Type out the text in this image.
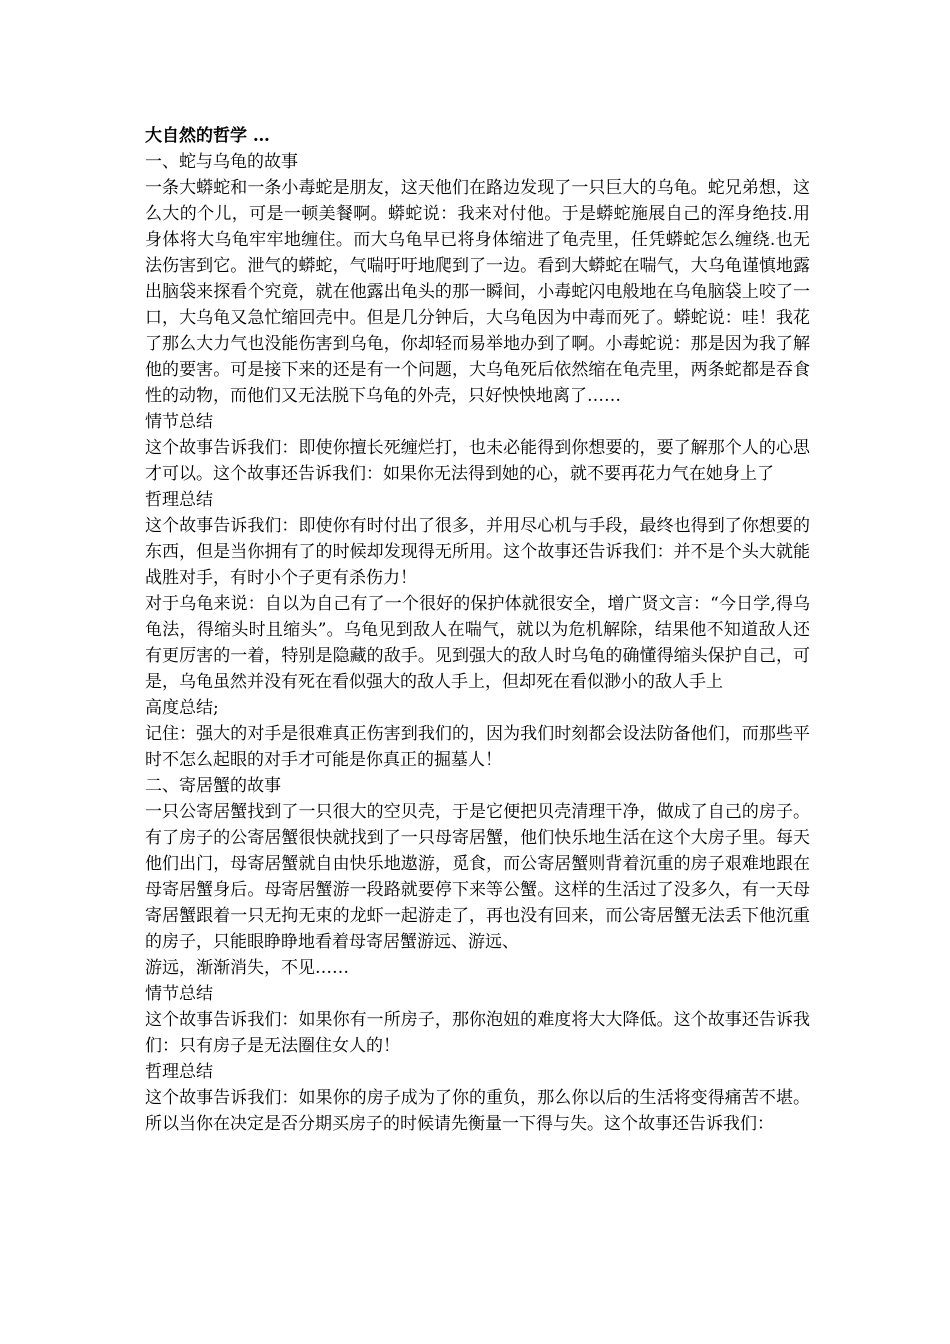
大自然的哲学 …
一、蛇与乌龟的故事
一条大蟒蛇和一条小毒蛇是朋友，这天他们在路边发现了一只巨大的乌龟。蛇兄弟想，这么大的个儿，可是一顿美餐啊。蟒蛇说：我来对付他。于是蟒蛇施展自己的浑身绝技.用身体将大乌龟牢牢地缠住。而大乌龟早已将身体缩进了龟壳里，任凭蟒蛇怎么缠绕.也无法伤害到它。泄气的蟒蛇，气喘吁吁地爬到了一边。看到大蟒蛇在喘气，大乌龟谨慎地露出脑袋来探看个究竟，就在他露出龟头的那一瞬间，小毒蛇闪电般地在乌龟脑袋上咬了一口，大乌龟又急忙缩回壳中。但是几分钟后，大乌龟因为中毒而死了。蟒蛇说：哇！我花了那么大力气也没能伤害到乌龟，你却轻而易举地办到了啊。小毒蛇说：那是因为我了解他的要害。可是接下来的还是有一个问题，大乌龟死后依然缩在龟壳里，两条蛇都是吞食性的动物，而他们又无法脱下乌龟的外壳，只好怏怏地离了……
情节总结
这个故事告诉我们：即使你擅长死缠烂打，也未必能得到你想要的，要了解那个人的心思才可以。这个故事还告诉我们：如果你无法得到她的心，就不要再花力气在她身上了
哲理总结
这个故事告诉我们：即使你有时付出了很多，并用尽心机与手段，最终也得到了你想要的东西，但是当你拥有了的时候却发现得无所用。这个故事还告诉我们：并不是个头大就能战胜对手，有时小个子更有杀伤力！
对于乌龟来说：自以为自己有了一个很好的保护体就很安全，增广贤文言：“今日学,得乌龟法，得缩头时且缩头”。乌龟见到敌人在喘气，就以为危机解除，结果他不知道敌人还有更厉害的一着，特别是隐藏的敌手。见到强大的敌人时乌龟的确懂得缩头保护自己，可是，乌龟虽然并没有死在看似强大的敌人手上，但却死在看似渺小的敌人手上
高度总结;
记住：强大的对手是很难真正伤害到我们的，因为我们时刻都会设法防备他们，而那些平时不怎么起眼的对手才可能是你真正的掘墓人！
二、寄居蟹的故事
一只公寄居蟹找到了一只很大的空贝壳，于是它便把贝壳清理干净，做成了自己的房子。有了房子的公寄居蟹很快就找到了一只母寄居蟹，他们快乐地生活在这个大房子里。每天他们出门，母寄居蟹就自由快乐地遨游，觅食，而公寄居蟹则背着沉重的房子艰难地跟在母寄居蟹身后。母寄居蟹游一段路就要停下来等公蟹。这样的生活过了没多久，有一天母寄居蟹跟着一只无拘无束的龙虾一起游走了，再也没有回来，而公寄居蟹无法丢下他沉重的房子，只能眼睁睁地看着母寄居蟹游远、游远、
游远，渐渐消失，不见……
情节总结
这个故事告诉我们：如果你有一所房子，那你泡妞的难度将大大降低。这个故事还告诉我们：只有房子是无法圈住女人的！
哲理总结
这个故事告诉我们：如果你的房子成为了你的重负，那么你以后的生活将变得痛苦不堪。所以当你在决定是否分期买房子的时候请先衡量一下得与失。这个故事还告诉我们：
